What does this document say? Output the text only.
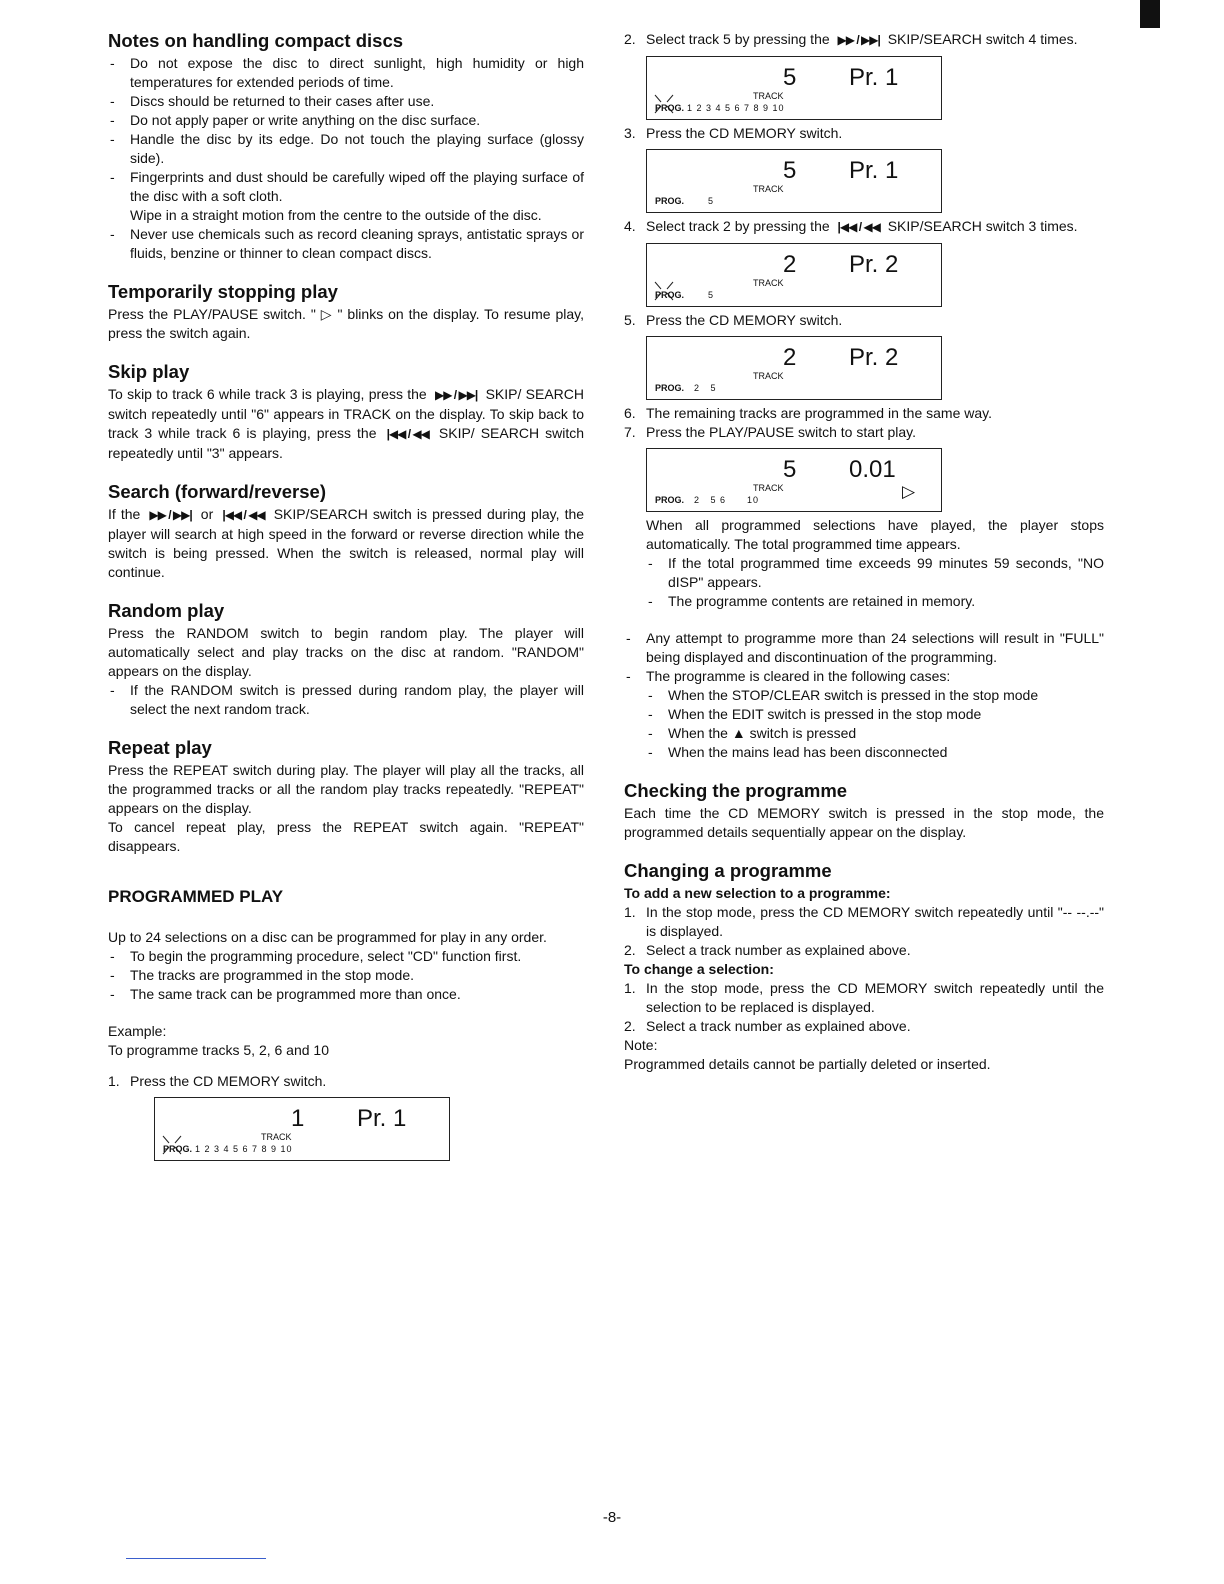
Notes on handling compact discs
- Do not expose the disc to direct sunlight, high humidity or high temperatures for extended periods of time.
- Discs should be returned to their cases after use.
- Do not apply paper or write anything on the disc surface.
- Handle the disc by its edge. Do not touch the playing surface (glossy side).
- Fingerprints and dust should be carefully wiped off the playing surface of the disc with a soft cloth.
Wipe in a straight motion from the centre to the outside of the disc.
- Never use chemicals such as record cleaning sprays, antistatic sprays or fluids, benzine or thinner to clean compact discs.
Temporarily stopping play

Press the PLAY/PAUSE switch. " ▷ " blinks on the display. To resume play, press the switch again.

Skip play

To skip to track 6 while track 3 is playing, press the ▶▶ / ▶▶| SKIP/ SEARCH switch repeatedly until "6" appears in TRACK on the display. To skip back to track 3 while track 6 is playing, press the |◀◀ / ◀◀ SKIP/ SEARCH switch repeatedly until "3" appears.

Search (forward/reverse)

If the ▶▶ / ▶▶| or |◀◀ / ◀◀ SKIP/SEARCH switch is pressed during play, the player will search at high speed in the forward or reverse direction while the switch is being pressed. When the switch is released, normal play will continue.

Random play

Press the RANDOM switch to begin random play. The player will automatically select and play tracks on the disc at random. "RANDOM" appears on the display.

- If the RANDOM switch is pressed during random play, the player will select the next random track.
Repeat play

Press the REPEAT switch during play. The player will play all the tracks, all the programmed tracks or all the random play tracks repeatedly. "REPEAT" appears on the display.

To cancel repeat play, press the REPEAT switch again. "REPEAT" disappears.

PROGRAMMED PLAY

Up to 24 selections on a disc can be programmed for play in any order.

- To begin the programming procedure, select "CD" function first.
- The tracks are programmed in the stop mode.
- The same track can be programmed more than once.

Example:

To programme tracks 5, 2, 6 and 10

1. Press the CD MEMORY switch.
1 Pr. 1
TRACK
PROG. 1 2 3 4 5 6 7 8 9 10
2. Select track 5 by pressing the ▶▶ / ▶▶| SKIP/SEARCH switch 4 times.
5 Pr. 1
TRACK
PROG. 1 2 3 4 5 6 7 8 9 10
3. Press the CD MEMORY switch.
5 Pr. 1
TRACK
PROG. 5
4. Select track 2 by pressing the |◀◀ / ◀◀ SKIP/SEARCH switch 3 times.
2 Pr. 2
TRACK
PROG. 5
5. Press the CD MEMORY switch.
2 Pr. 2
TRACK
PROG. 2   5
6. The remaining tracks are programmed in the same way.
7. Press the PLAY/PAUSE switch to start play.
5 0.01
TRACK
PROG. 2   5 6      10	▷

When all programmed selections have played, the player stops automatically. The total programmed time appears.

- If the total programmed time exceeds 99 minutes 59 seconds, "NO dISP" appears.
- The programme contents are retained in memory.
- Any attempt to programme more than 24 selections will result in "FULL" being displayed and discontinuation of the programming.
- The programme is cleared in the following cases:
- When the STOP/CLEAR switch is pressed in the stop mode
- When the EDIT switch is pressed in the stop mode
- When the ▲ switch is pressed
- When the mains lead has been disconnected
Checking the programme

Each time the CD MEMORY switch is pressed in the stop mode, the programmed details sequentially appear on the display.

Changing a programme

To add a new selection to a programme:

1. In the stop mode, press the CD MEMORY switch repeatedly until "-- --.--" is displayed.
2. Select a track number as explained above.

To change a selection:

1. In the stop mode, press the CD MEMORY switch repeatedly until the selection to be replaced is displayed.
2. Select a track number as explained above.

Note:

Programmed details cannot be partially deleted or inserted.

-8-
